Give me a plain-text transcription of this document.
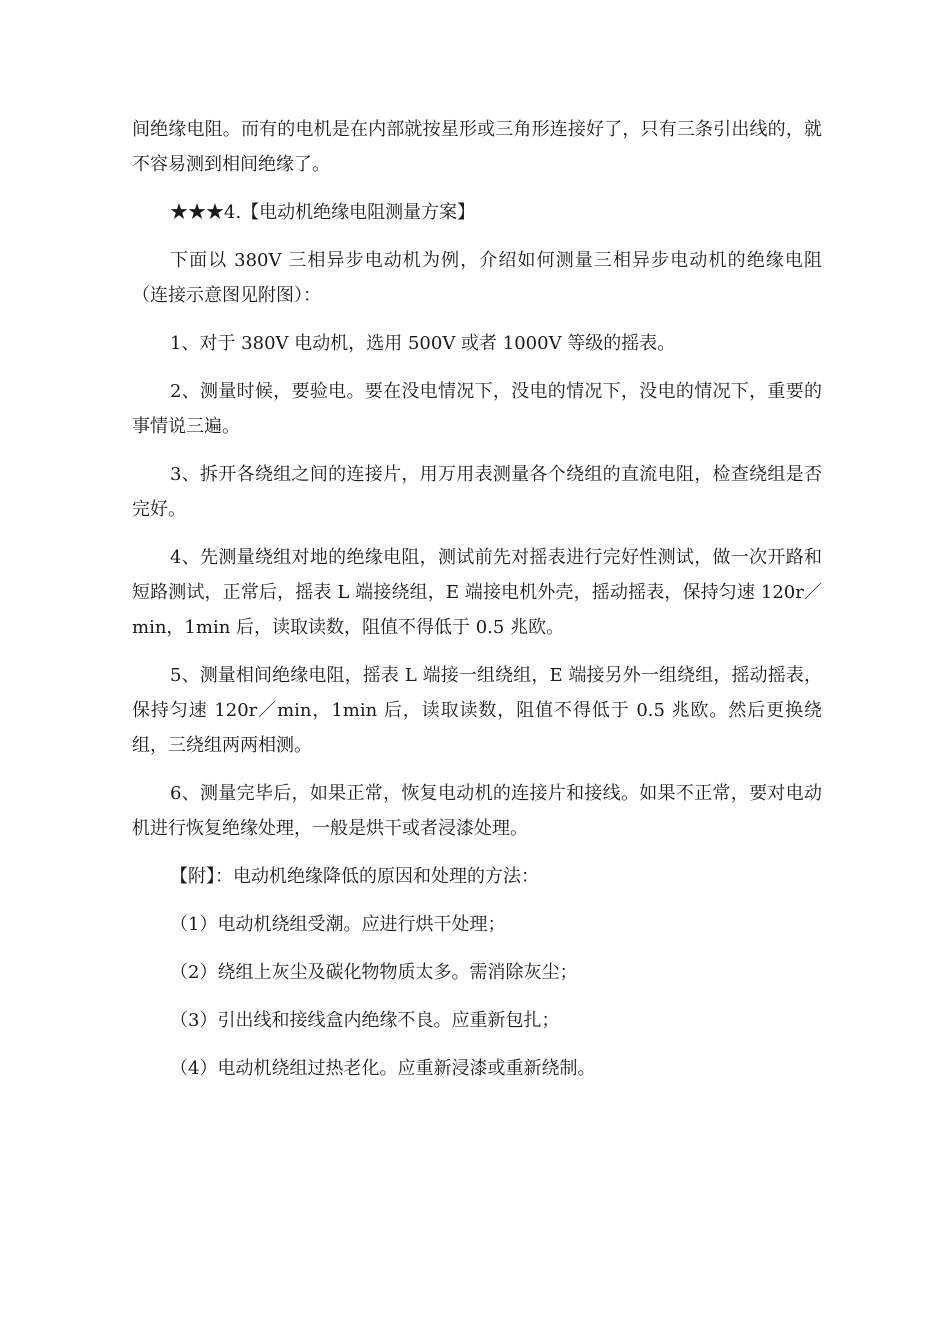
间绝缘电阻。而有的电机是在内部就按星形或三角形连接好了，只有三条引出线的，就不容易测到相间绝缘了。

★★★4.【电动机绝缘电阻测量方案】

下面以 380V 三相异步电动机为例，介绍如何测量三相异步电动机的绝缘电阻（连接示意图见附图）：

1、对于 380V 电动机，选用 500V 或者 1000V 等级的摇表。

2、测量时候，要验电。要在没电情况下，没电的情况下，没电的情况下，重要的事情说三遍。

3、拆开各绕组之间的连接片，用万用表测量各个绕组的直流电阻，检查绕组是否完好。

4、先测量绕组对地的绝缘电阻，测试前先对摇表进行完好性测试，做一次开路和短路测试，正常后，摇表 L 端接绕组，E 端接电机外壳，摇动摇表，保持匀速 120r／min，1min 后，读取读数，阻值不得低于 0.5 兆欧。

5、测量相间绝缘电阻，摇表 L 端接一组绕组，E 端接另外一组绕组，摇动摇表，保持匀速 120r／min，1min 后，读取读数，阻值不得低于 0.5 兆欧。然后更换绕组，三绕组两两相测。

6、测量完毕后，如果正常，恢复电动机的连接片和接线。如果不正常，要对电动机进行恢复绝缘处理，一般是烘干或者浸漆处理。

【附】：电动机绝缘降低的原因和处理的方法：

（1）电动机绕组受潮。应进行烘干处理；

（2）绕组上灰尘及碳化物物质太多。需消除灰尘；

（3）引出线和接线盒内绝缘不良。应重新包扎；

（4）电动机绕组过热老化。应重新浸漆或重新绕制。
